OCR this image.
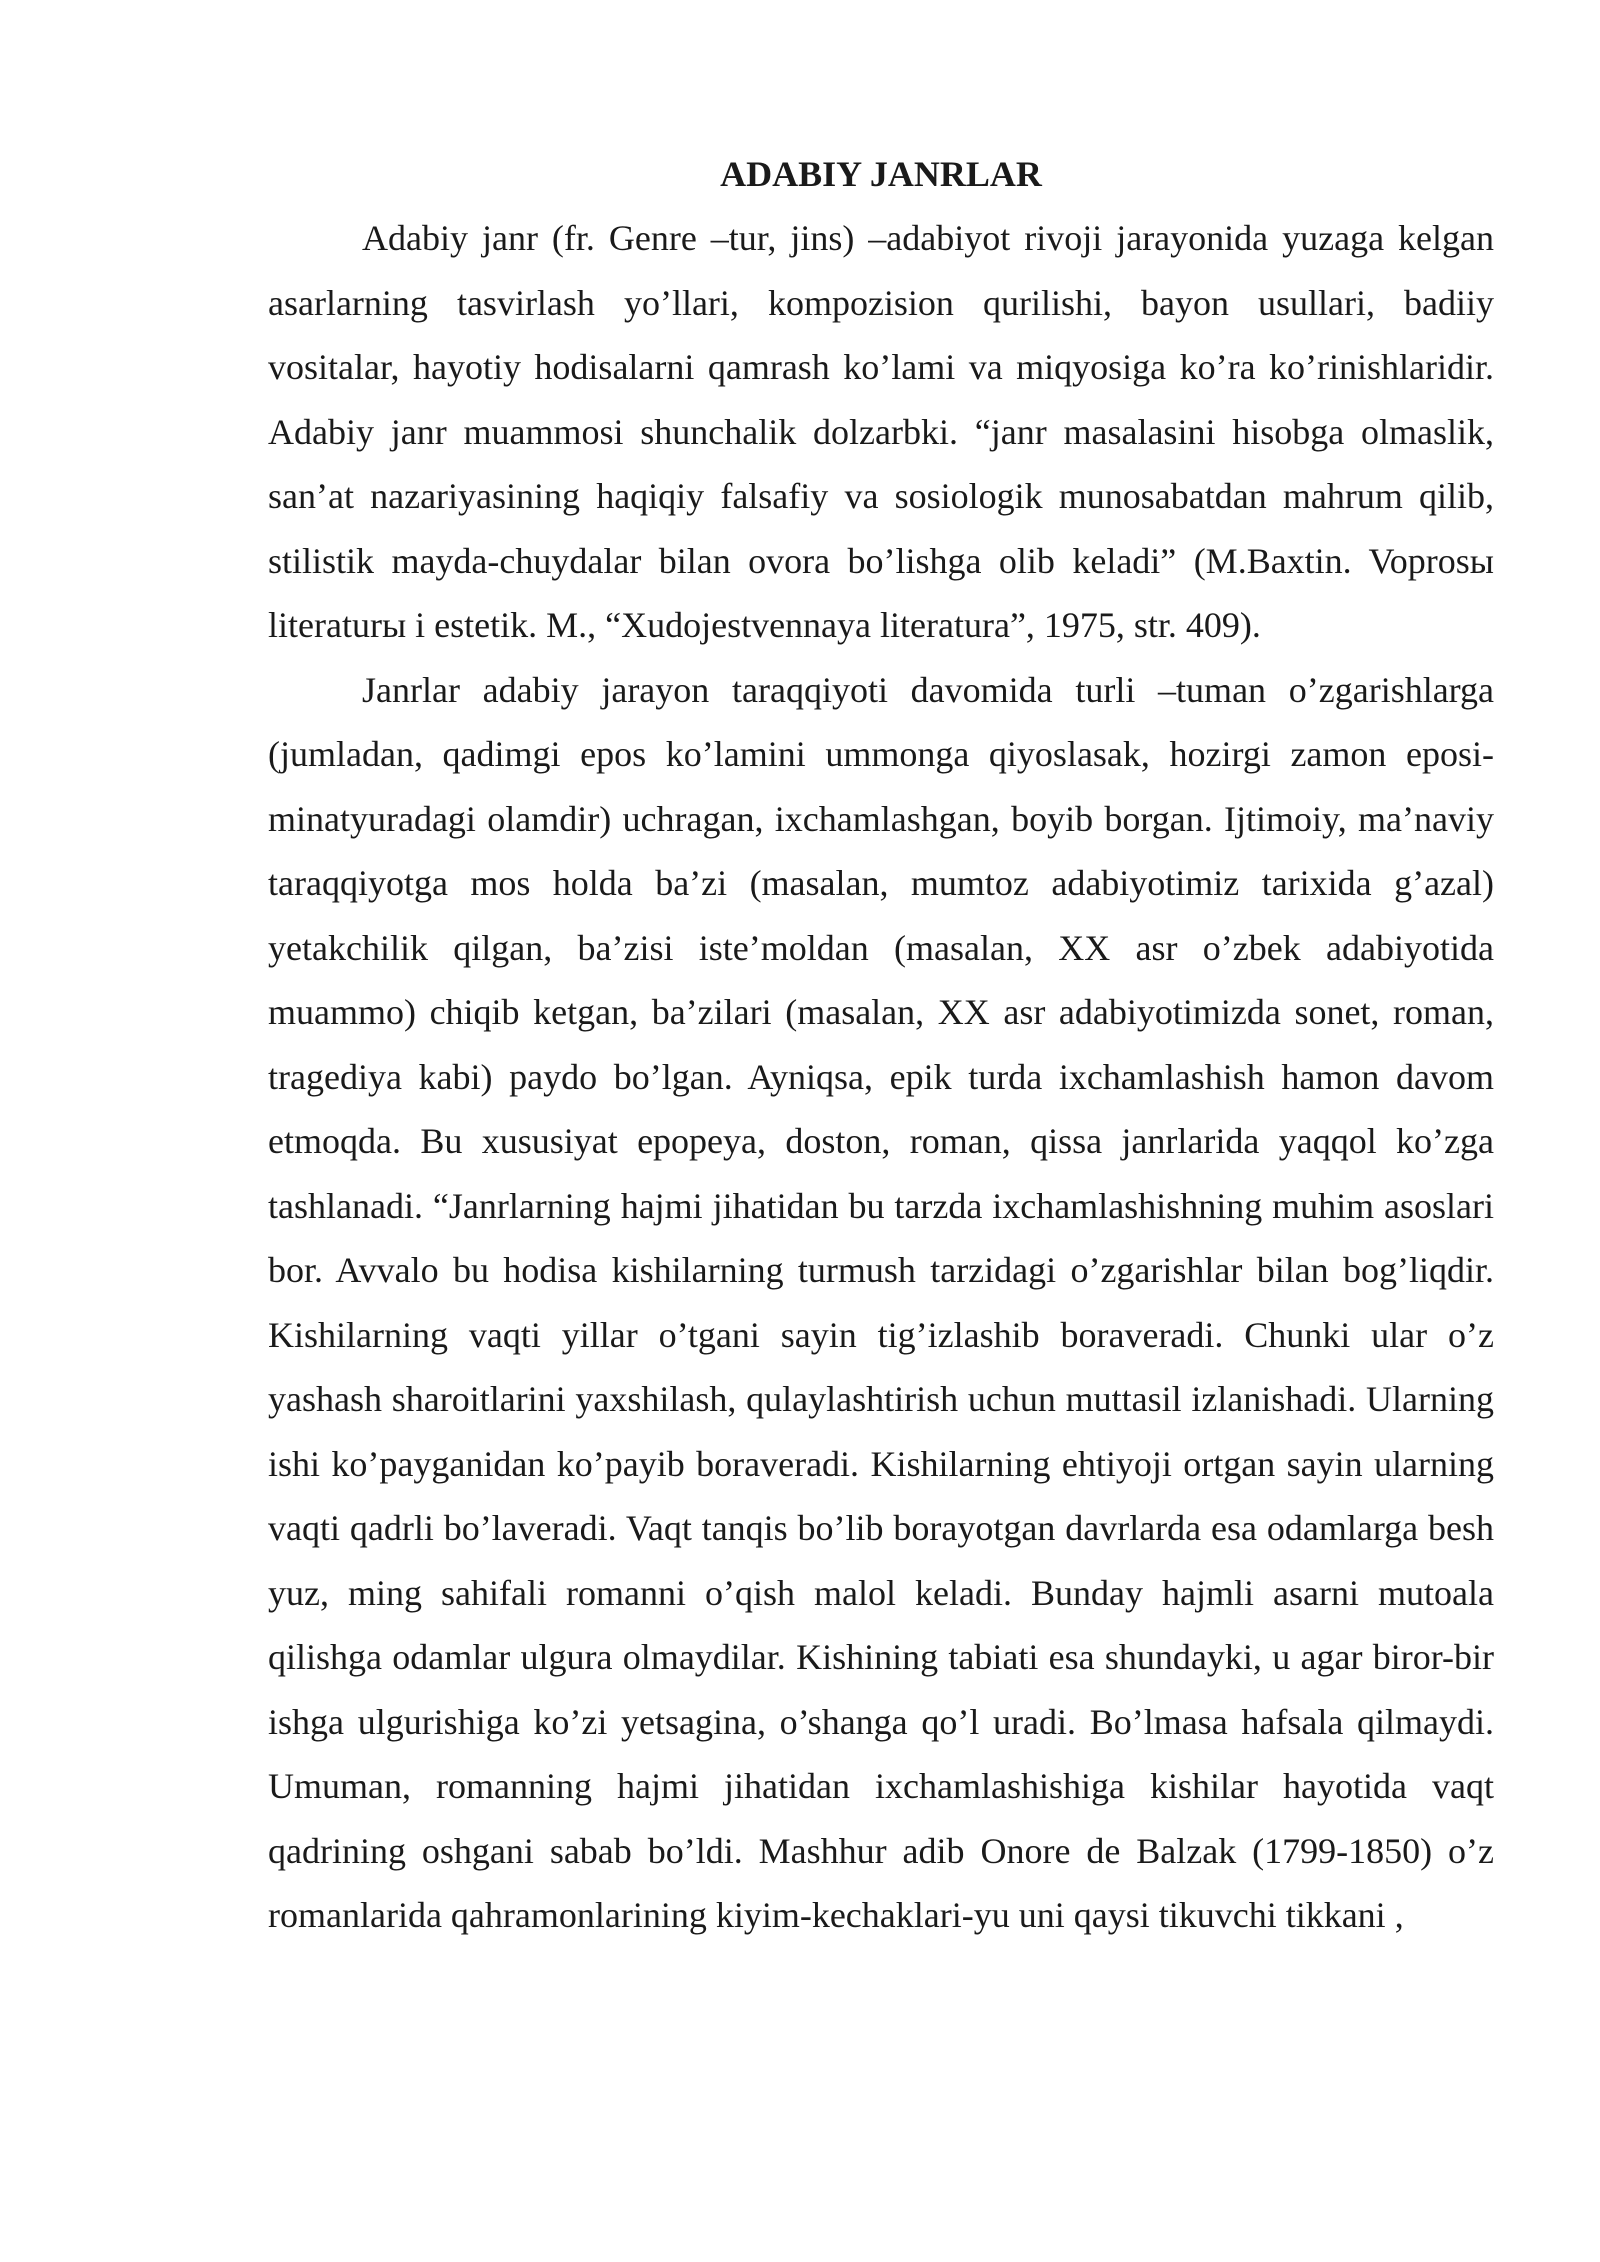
ADABIY JANRLAR

Adabiy janr (fr. Genre –tur, jins) –adabiyot rivoji jarayonida yuzaga kelgan asarlarning tasvirlash yo’llari, kompozision qurilishi, bayon usullari, badiiy vositalar, hayotiy hodisalarni qamrash ko’lami va miqyosiga ko’ra ko’rinishlaridir. Adabiy janr muammosi shunchalik dolzarbki. “janr masalasini hisobga olmaslik, san’at nazariyasining haqiqiy falsafiy va sosiologik munosabatdan mahrum qilib, stilistik mayda-chuydalar bilan ovora bo’lishga olib keladi” (M.Baxtin. Voprosы literaturы i estetik. M., “Xudojestvennaya literatura”, 1975, str. 409).

Janrlar adabiy jarayon taraqqiyoti davomida turli –tuman o’zgarishlarga (jumladan, qadimgi epos ko’lamini ummonga qiyoslasak, hozirgi zamon eposi- minatyuradagi olamdir) uchragan, ixchamlashgan, boyib borgan. Ijtimoiy, ma’naviy taraqqiyotga mos holda ba’zi (masalan, mumtoz adabiyotimiz tarixida g’azal) yetakchilik qilgan, ba’zisi iste’moldan (masalan, XX asr o’zbek adabiyotida muammo) chiqib ketgan, ba’zilari (masalan, XX asr adabiyotimizda sonet, roman, tragediya kabi) paydo bo’lgan. Ayniqsa, epik turda ixchamlashish hamon davom etmoqda. Bu xususiyat epopeya, doston, roman, qissa janrlarida yaqqol ko’zga tashlanadi. “Janrlarning hajmi jihatidan bu tarzda ixchamlashishning muhim asoslari bor. Avvalo bu hodisa kishilarning turmush tarzidagi o’zgarishlar bilan bog’liqdir. Kishilarning vaqti yillar o’tgani sayin tig’izlashib boraveradi. Chunki ular o’z yashash sharoitlarini yaxshilash, qulaylashtirish uchun muttasil izlanishadi. Ularning ishi ko’payganidan ko’payib boraveradi. Kishilarning ehtiyoji ortgan sayin ularning vaqti qadrli bo’laveradi. Vaqt tanqis bo’lib borayotgan davrlarda esa odamlarga besh yuz, ming sahifali romanni o’qish malol keladi. Bunday hajmli asarni mutoala qilishga odamlar ulgura olmaydilar. Kishining tabiati esa shundayki, u agar biror-bir ishga ulgurishiga ko’zi yetsagina, o’shanga qo’l uradi. Bo’lmasa hafsala qilmaydi. Umuman, romanning hajmi jihatidan ixchamlashishiga kishilar hayotida vaqt qadrining oshgani sabab bo’ldi. Mashhur adib Onore de Balzak (1799-1850) o’z romanlarida qahramonlarining kiyim-kechaklari-yu uni qaysi tikuvchi tikkani ,
